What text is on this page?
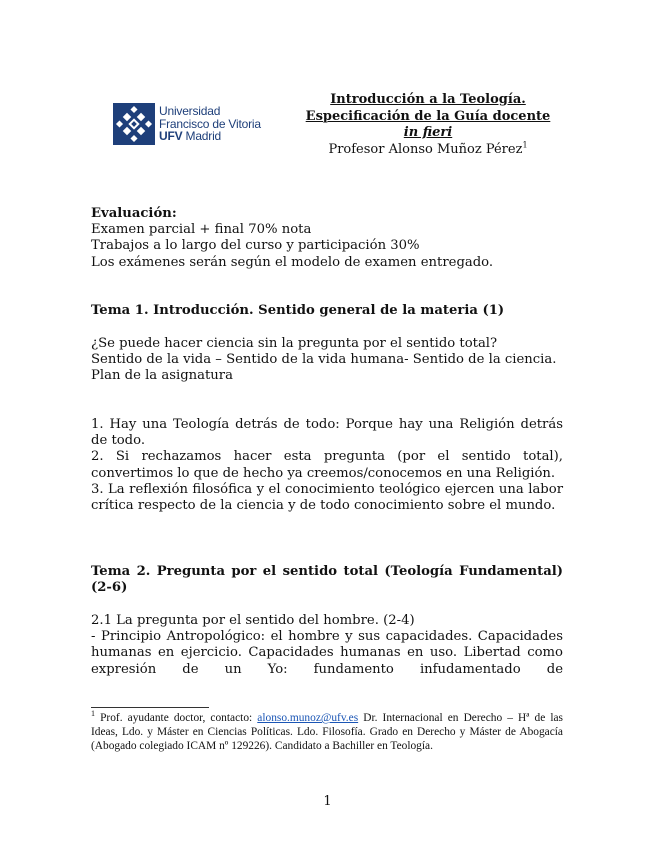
Universidad
Francisco de Vitoria
UFV Madrid
Introducción a la Teología.
Especificación de la Guía docente
in fieri
Profesor Alonso Muñoz Pérez$^1$

Evaluación:

Examen parcial + final 70% nota

Trabajos a lo largo del curso y participación 30%

Los exámenes serán según el modelo de examen entregado.

Tema 1. Introducción. Sentido general de la materia (1)

¿Se puede hacer ciencia sin la pregunta por el sentido total?

Sentido de la vida – Sentido de la vida humana- Sentido de la ciencia.

Plan de la asignatura

1. Hay una Teología detrás de todo: Porque hay una Religión detrás de todo.

2. Si rechazamos hacer esta pregunta (por el sentido total), convertimos lo que de hecho ya creemos/conocemos en una Religión.

3. La reflexión filosófica y el conocimiento teológico ejercen una labor crítica respecto de la ciencia y de todo conocimiento sobre el mundo.

Tema 2. Pregunta por el sentido total (Teología Fundamental) (2-6)

2.1 La pregunta por el sentido del hombre. (2-4)

- Principio Antropológico: el hombre y sus capacidades. Capacidades humanas en ejercicio. Capacidades humanas en uso. Libertad como expresión de un Yo: fundamento infudamentado de

$^1$ Prof. ayudante doctor, contacto: alonso.munoz@ufv.es Dr. Internacional en Derecho – Hª de las Ideas, Ldo. y Máster en Ciencias Políticas. Ldo. Filosofía. Grado en Derecho y Máster de Abogacía (Abogado colegiado ICAM nº 129226). Candidato a Bachiller en Teología.
1
